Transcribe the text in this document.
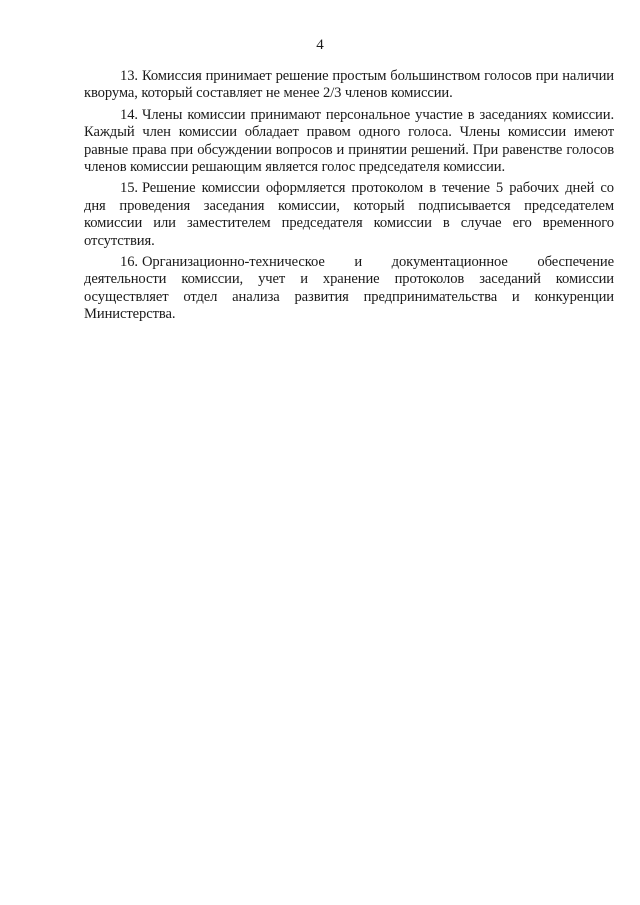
4

13. Комиссия принимает решение простым большинством голосов при наличии кворума, который составляет не менее 2/3 членов комиссии.

14. Члены комиссии принимают персональное участие в заседаниях комиссии. Каждый член комиссии обладает правом одного голоса. Члены комиссии имеют равные права при обсуждении вопросов и принятии решений. При равенстве голосов членов комиссии решающим является голос председателя комиссии.

15. Решение комиссии оформляется протоколом в течение 5 рабочих дней со дня проведения заседания комиссии, который подписывается председателем комиссии или заместителем председателя комиссии в случае его временного отсутствия.

16. Организационно-техническое и документационное обеспечение деятельности комиссии, учет и хранение протоколов заседаний комиссии осуществляет отдел анализа развития предпринимательства и конкуренции Министерства.
